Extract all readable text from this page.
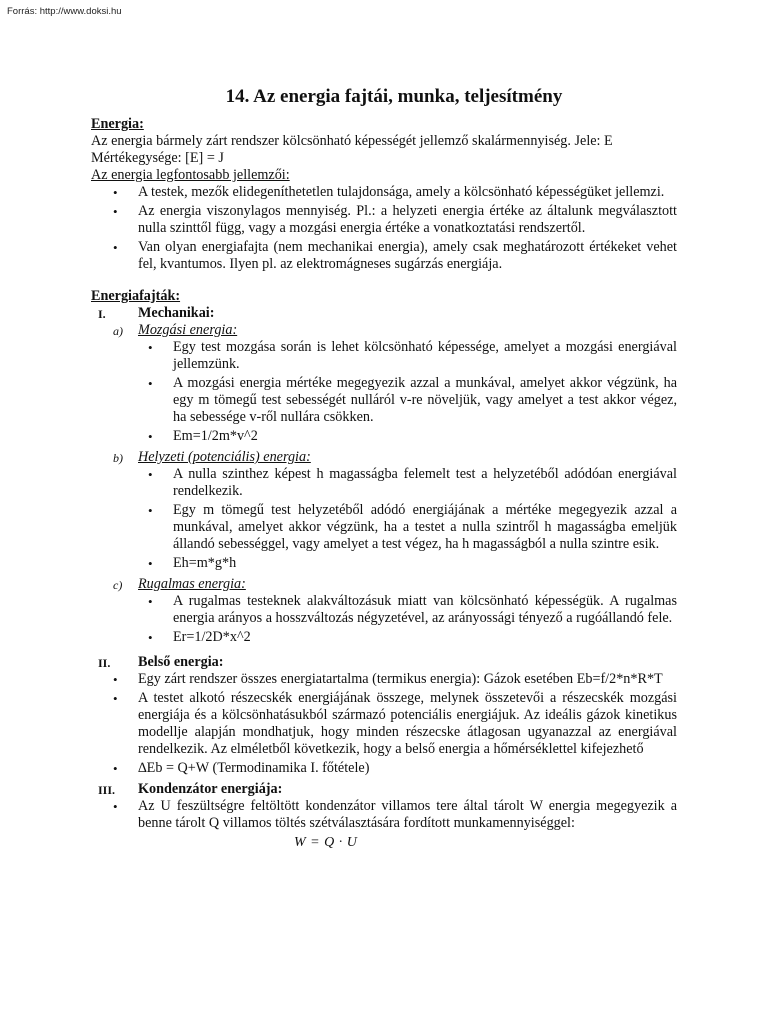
Forrás: http://www.doksi.hu
14. Az energia fajtái, munka, teljesítmény
Energia:
Az energia bármely zárt rendszer kölcsönható képességét jellemző skalármennyiség. Jele: E
Mértékegysége: [E] = J
Az energia legfontosabb jellemzői:
• A testek, mezők elidegeníthetetlen tulajdonsága, amely a kölcsönható képességüket jellemzi.
• Az energia viszonylagos mennyiség. Pl.: a helyzeti energia értéke az általunk megválasztott nulla szinttől függ, vagy a mozgási energia értéke a vonatkoztatási rendszertől.
• Van olyan energiafajta (nem mechanikai energia), amely csak meghatározott értékeket vehet fel, kvantumos. Ilyen pl. az elektromágneses sugárzás energiája.
Energiafajták:
I. Mechanikai:
a) Mozgási energia:
• Egy test mozgása során is lehet kölcsönható képessége, amelyet a mozgási energiával jellemzünk.
• A mozgási energia mértéke megegyezik azzal a munkával, amelyet akkor végzünk, ha egy m tömegű test sebességét nulláról v-re növeljük, vagy amelyet a test akkor végez, ha sebessége v-ről nullára csökken.
• Em=1/2m*v^2
b) Helyzeti (potenciális) energia:
• A nulla szinthez képest h magasságba felemelt test a helyzetéből adódóan energiával rendelkezik.
• Egy m tömegű test helyzetéből adódó energiájának a mértéke megegyezik azzal a munkával, amelyet akkor végzünk, ha a testet a nulla szintről h magasságba emeljük állandó sebességgel, vagy amelyet a test végez, ha h magasságból a nulla szintre esik.
• Eh=m*g*h
c) Rugalmas energia:
• A rugalmas testeknek alakváltozásuk miatt van kölcsönható képességük. A rugalmas energia arányos a hosszváltozás négyzetével, az arányossági tényező a rugóállandó fele.
• Er=1/2D*x^2
II. Belső energia:
• Egy zárt rendszer összes energiatartalma (termikus energia): Gázok esetében Eb=f/2*n*R*T
• A testet alkotó részecskék energiájának összege, melynek összetevői a részecskék mozgási energiája és a kölcsönhatásukból származó potenciális energiájuk. Az ideális gázok kinetikus modellje alapján mondhatjuk, hogy minden részecske átlagosan ugyanazzal az energiával rendelkezik. Az elméletből következik, hogy a belső energia a hőmérséklettel kifejezhető
• ∆Eb = Q+W (Termodinamika I. főtétele)
III. Kondenzátor energiája:
• Az U feszültségre feltöltött kondenzátor villamos tere által tárolt W energia megegyezik a benne tárolt Q villamos töltés szétválasztására fordított munkamennyiséggel:
W = Q · U
